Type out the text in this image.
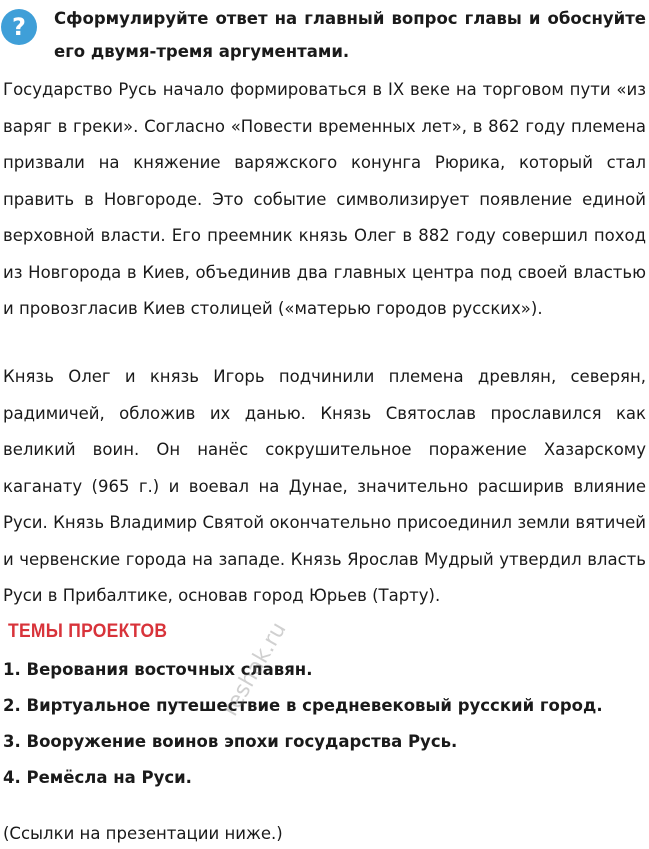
?	Сформулируйте ответ на главный вопрос главы и обоснуйте его двумя-тремя аргументами.

Государство Русь начало формироваться в IX веке на торговом пути «из варяг в греки». Согласно «Повести временных лет», в 862 году племена призвали на княжение варяжского конунга Рюрика, который стал править в Новгороде. Это событие символизирует появление единой верховной власти. Его преемник князь Олег в 882 году совершил поход из Новгорода в Киев, объединив два главных центра под своей властью и провозгласив Киев столицей («матерью городов русских»).

Князь Олег и князь Игорь подчинили племена древлян, северян, радимичей, обложив их данью. Князь Святослав прославился как великий воин. Он нанёс сокрушительное поражение Хазарскому каганату (965 г.) и воевал на Дунае, значительно расширив влияние Руси. Князь Владимир Святой окончательно присоединил земли вятичей и червенские города на западе. Князь Ярослав Мудрый утвердил власть Руси в Прибалтике, основав город Юрьев (Тарту).

ТЕМЫ ПРОЕКТОВ
1. Верования восточных славян.
2. Виртуальное путешествие в средневековый русский город.
3. Вооружение воинов эпохи государства Русь.
4. Ремёсла на Руси.

(Ссылки на презентации ниже.)

reshak.ru
